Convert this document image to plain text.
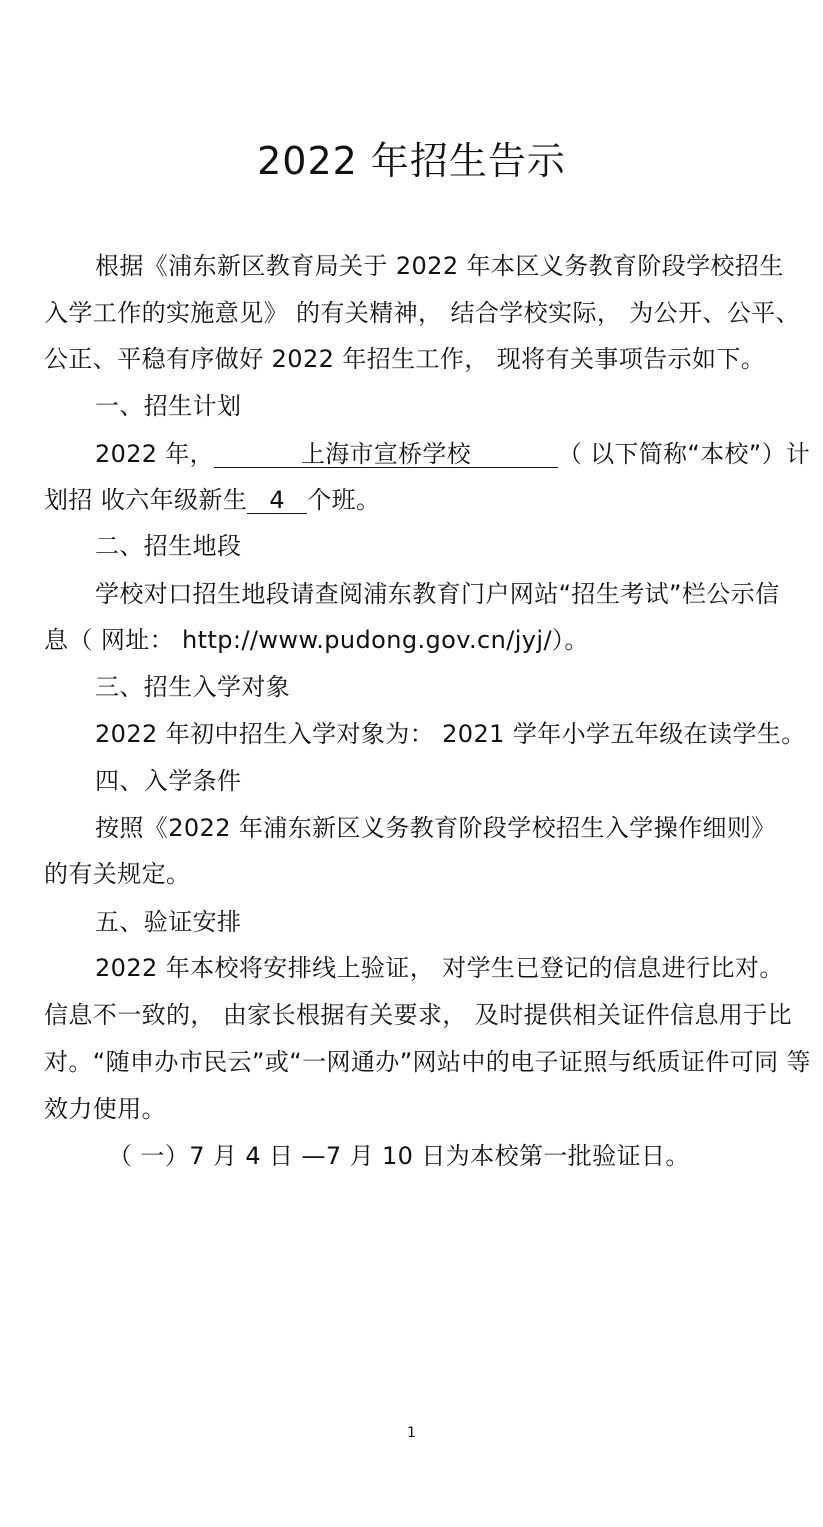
2022 年招生告示
根据《浦东新区教育局关于 2022 年本区义务教育阶段学校招生
入学工作的实施意见》 的有关精神， 结合学校实际， 为公开、公平、
公正、平稳有序做好 2022 年招生工作， 现将有关事项告示如下。
一、招生计划
2022 年，	上海市宣桥学校	（ 以下简称“本校”）计
划招 收六年级新生 4 个班。
二、招生地段
学校对口招生地段请查阅浦东教育门户网站“招生考试”栏公示信
息（ 网址： http://www.pudong.gov.cn/jyj/）。
三、招生入学对象
2022 年初中招生入学对象为： 2021 学年小学五年级在读学生。
四、入学条件
按照《2022 年浦东新区义务教育阶段学校招生入学操作细则》
的有关规定。
五、验证安排
2022 年本校将安排线上验证， 对学生已登记的信息进行比对。
信息不一致的， 由家长根据有关要求， 及时提供相关证件信息用于比
对。“随申办市民云”或“一网通办”网站中的电子证照与纸质证件可同 等
效力使用。
（ 一）7 月 4 日 —7 月 10 日为本校第一批验证日。
1
